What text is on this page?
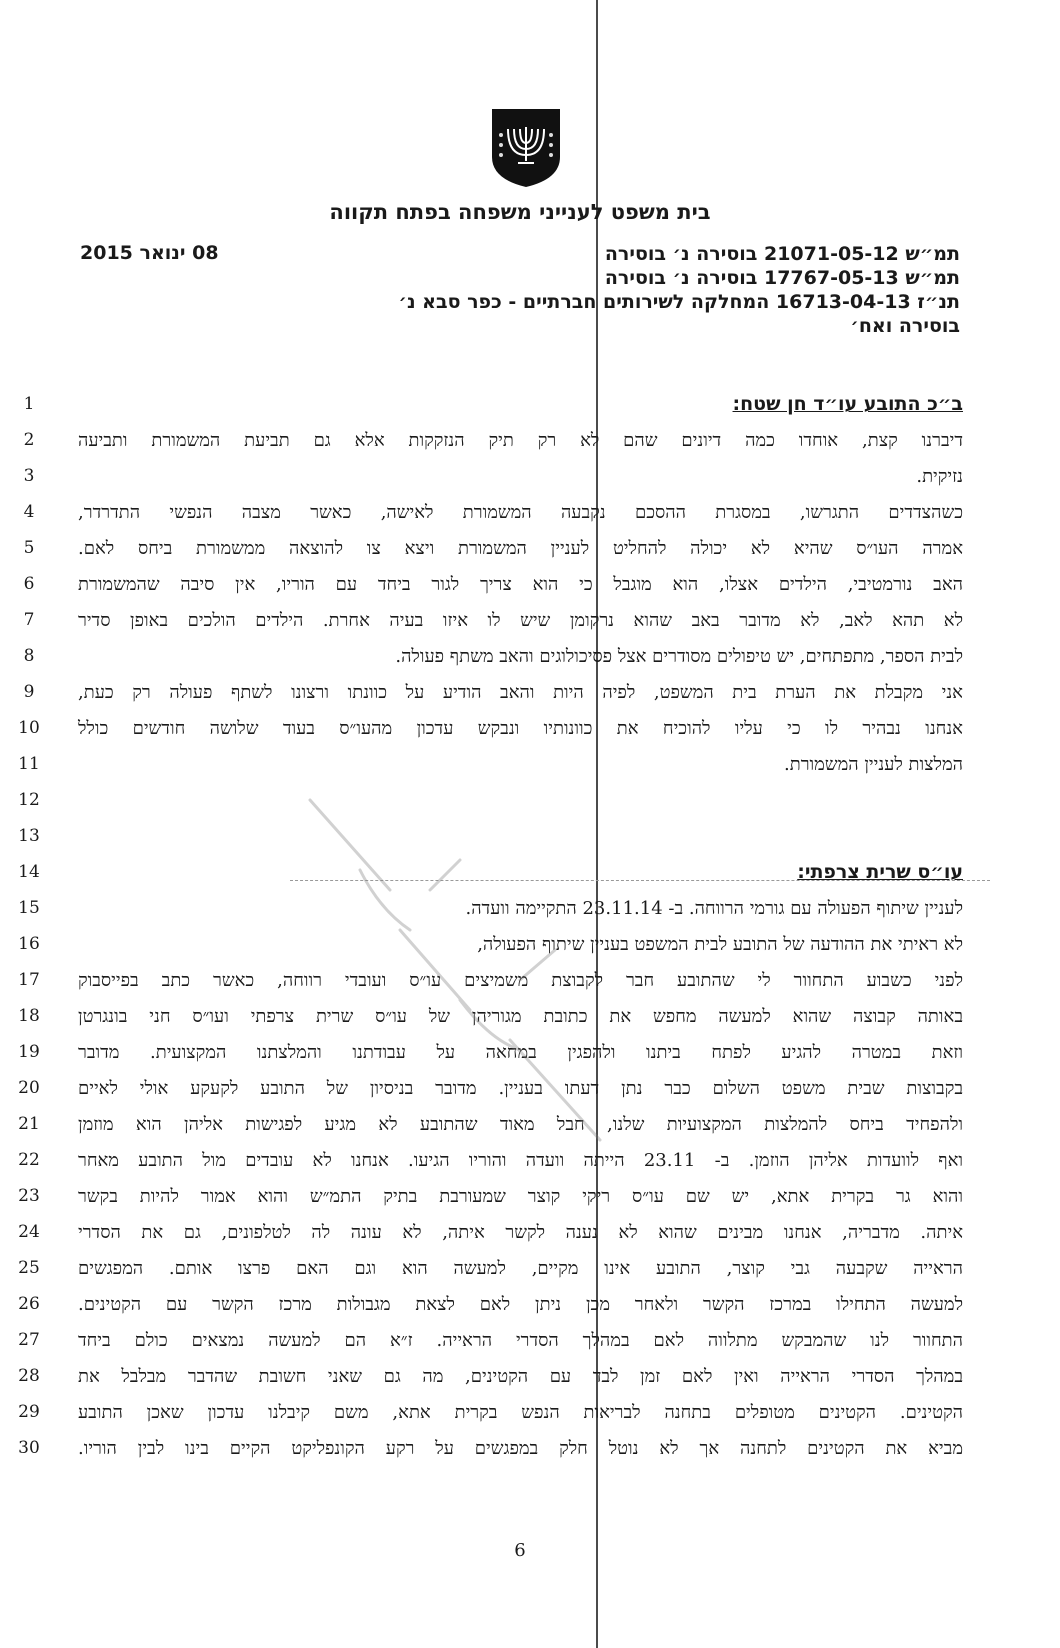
בית משפט לענייני משפחה בפתח תקווה
08 ינואר 2015	תמ״ש 21071-05-12 בוסירה נ׳ בוסירה
תמ״ש 17767-05-13 בוסירה נ׳ בוסירה
תנ״ז 16713-04-13 המחלקה לשירותים חברתיים - כפר סבא נ׳
בוסירה ואח׳
1
2
3
4
5
6
7
8
9
10
11
12
13
14
15
16
17
18
19
20
21
22
23
24
25
26
27
28
29
30
ב״כ התובע עו״ד חן שטח:
דיברנו קצת, אוחדו כמה דיונים שהם לא רק תיק הנזקקות אלא גם תביעת המשמורת ותביעה
נזיקית.
כשהצדדים התגרשו, במסגרת ההסכם נקבעה המשמורת לאישה, כאשר מצבה הנפשי התדרדר,
אמרה העו״ס שהיא לא יכולה להחליט לעניין המשמורת ויצא צו להוצאה ממשמורת ביחס לאם.
האב נורמטיבי, הילדים אצלו, הוא מוגבל כי הוא צריך לגור ביחד עם הוריו, אין סיבה שהמשמורת
לא תהא לאב, לא מדובר באב שהוא נרקומן שיש לו איזו בעיה אחרת. הילדים הולכים באופן סדיר
לבית הספר, מתפתחים, יש טיפולים מסודרים אצל פסיכולוגים והאב משתף פעולה.
אני מקבלת את הערת בית המשפט, לפיה היות והאב הודיע על כוונתו ורצונו לשתף פעולה רק כעת,
אנחנו נבהיר לו כי עליו להוכיח את כוונותיו ונבקש עדכון מהעו״ס בעוד שלושה חודשים כולל
המלצות לעניין המשמורת.
עו״ס שרית צרפתי:
לעניין שיתוף הפעולה עם גורמי הרווחה. ב- 23.11.14 התקיימה וועדה.
לא ראיתי את ההודעה של התובע לבית המשפט בעניין שיתוף הפעולה,
לפני כשבוע התחוור לי שהתובע חבר לקבוצת משמיצים עו״ס ועובדי רווחה, כאשר כתב בפייסבוק
באותה קבוצה שהוא למעשה מחפש את כתובת מגוריהן של עו״ס שרית צרפתי ועו״ס חני בונגרטן
וזאת במטרה להגיע לפתח ביתנו ולהפגין במחאה על עבודתנו והמלצתנו המקצועית. מדובר
בקבוצות שבית משפט השלום כבר נתן דעתו בעניין. מדובר בניסיון של התובע לקעקע אולי לאיים
ולהפחיד ביחס להמלצות המקצועיות שלנו, חבל מאוד שהתובע לא מגיע לפגישות אליהן הוא מוזמן
ואף לוועדות אליהן הוזמן. ב- 23.11 הייתה וועדה והוריו הגיעו. אנחנו לא עובדים מול התובע מאחר
והוא גר בקרית אתא, יש שם עו״ס ריקי קוצר שמעורבת בתיק התמ״ש והוא אמור להיות בקשר
איתה. מדבריה, אנחנו מבינים שהוא לא נענה לקשר איתה, לא עונה לה לטלפונים, גם את הסדרי
הראייה שקבעה גבי קוצר, התובע אינו מקיים, למעשה הוא וגם האם פרצו אותם. המפגשים
למעשה התחילו במרכז הקשר ולאחר מכן ניתן לאם לצאת מגבולות מרכז הקשר עם הקטינים.
התחוור לנו שהמבקש מתלווה לאם במהלך הסדרי הראייה. ז״א הם למעשה נמצאים כולם ביחד
במהלך הסדרי הראייה ואין לאם זמן לבד עם הקטינים, מה גם שאני חשובת שהדבר מבלבל את
הקטינים. הקטינים מטופלים בתחנה לבריאות הנפש בקרית אתא, משם קיבלנו עדכון שאכן התובע
מביא את הקטינים לתחנה אך לא נוטל חלק במפגשים על רקע הקונפליקט הקיים בינו לבין הוריו.
6
